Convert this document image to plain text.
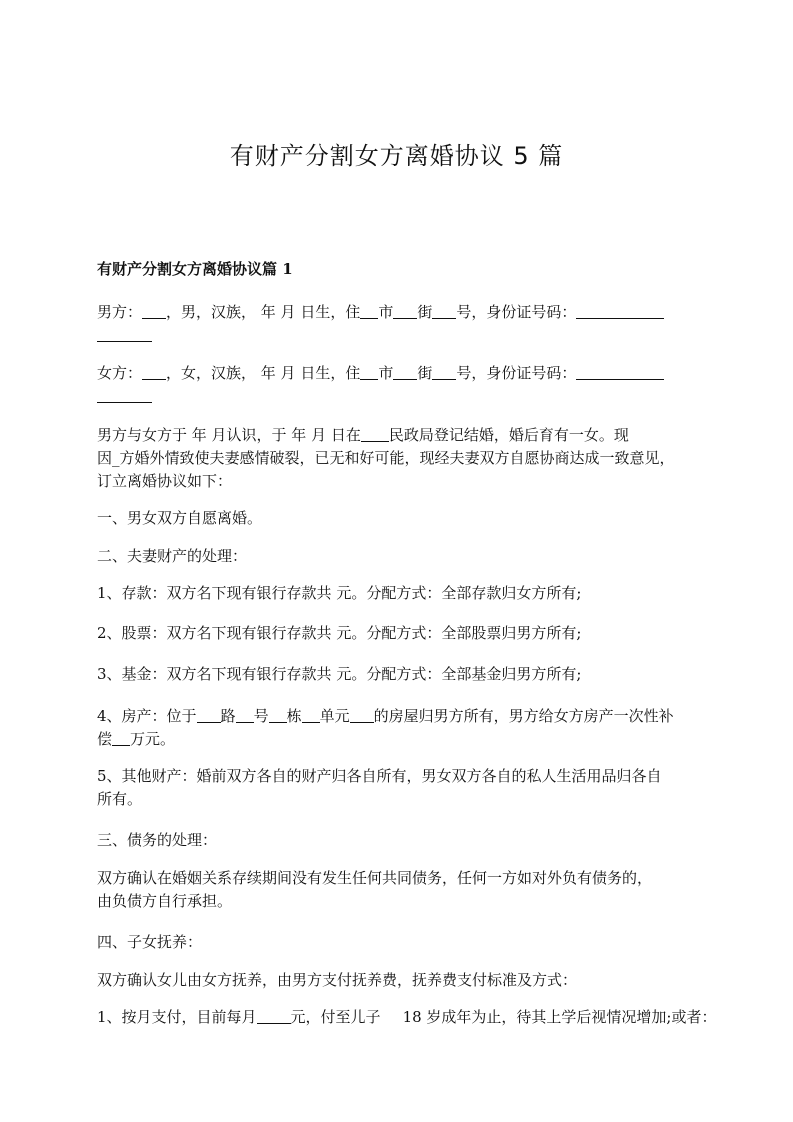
有财产分割女方离婚协议 5 篇
有财产分割女方离婚协议篇 1

男方： ，男，汉族， 年 月 日生，住 市 街 号，身份证号码：

女方： ，女，汉族， 年 月 日生，住 市 街 号，身份证号码：

男方与女方于 年 月认识，于 年 月 日在 民政局登记结婚，婚后育有一女。现
因_方婚外情致使夫妻感情破裂，已无和好可能，现经夫妻双方自愿协商达成一致意见，
订立离婚协议如下：

一、男女双方自愿离婚。

二、夫妻财产的处理：

1、存款：双方名下现有银行存款共 元。分配方式：全部存款归女方所有;

2、股票：双方名下现有银行存款共 元。分配方式：全部股票归男方所有;

3、基金：双方名下现有银行存款共 元。分配方式：全部基金归男方所有;

4、房产：位于 路 号 栋 单元 的房屋归男方所有，男方给女方房产一次性补
偿 万元。

5、其他财产：婚前双方各自的财产归各自所有，男女双方各自的私人生活用品归各自
所有。

三、债务的处理：

双方确认在婚姻关系存续期间没有发生任何共同债务，任何一方如对外负有债务的，
由负债方自行承担。

四、子女抚养：

双方确认女儿由女方抚养，由男方支付抚养费，抚养费支付标准及方式：

1、按月支付，目前每月 元，付至儿子 18 岁成年为止，待其上学后视情况增加;或者：
